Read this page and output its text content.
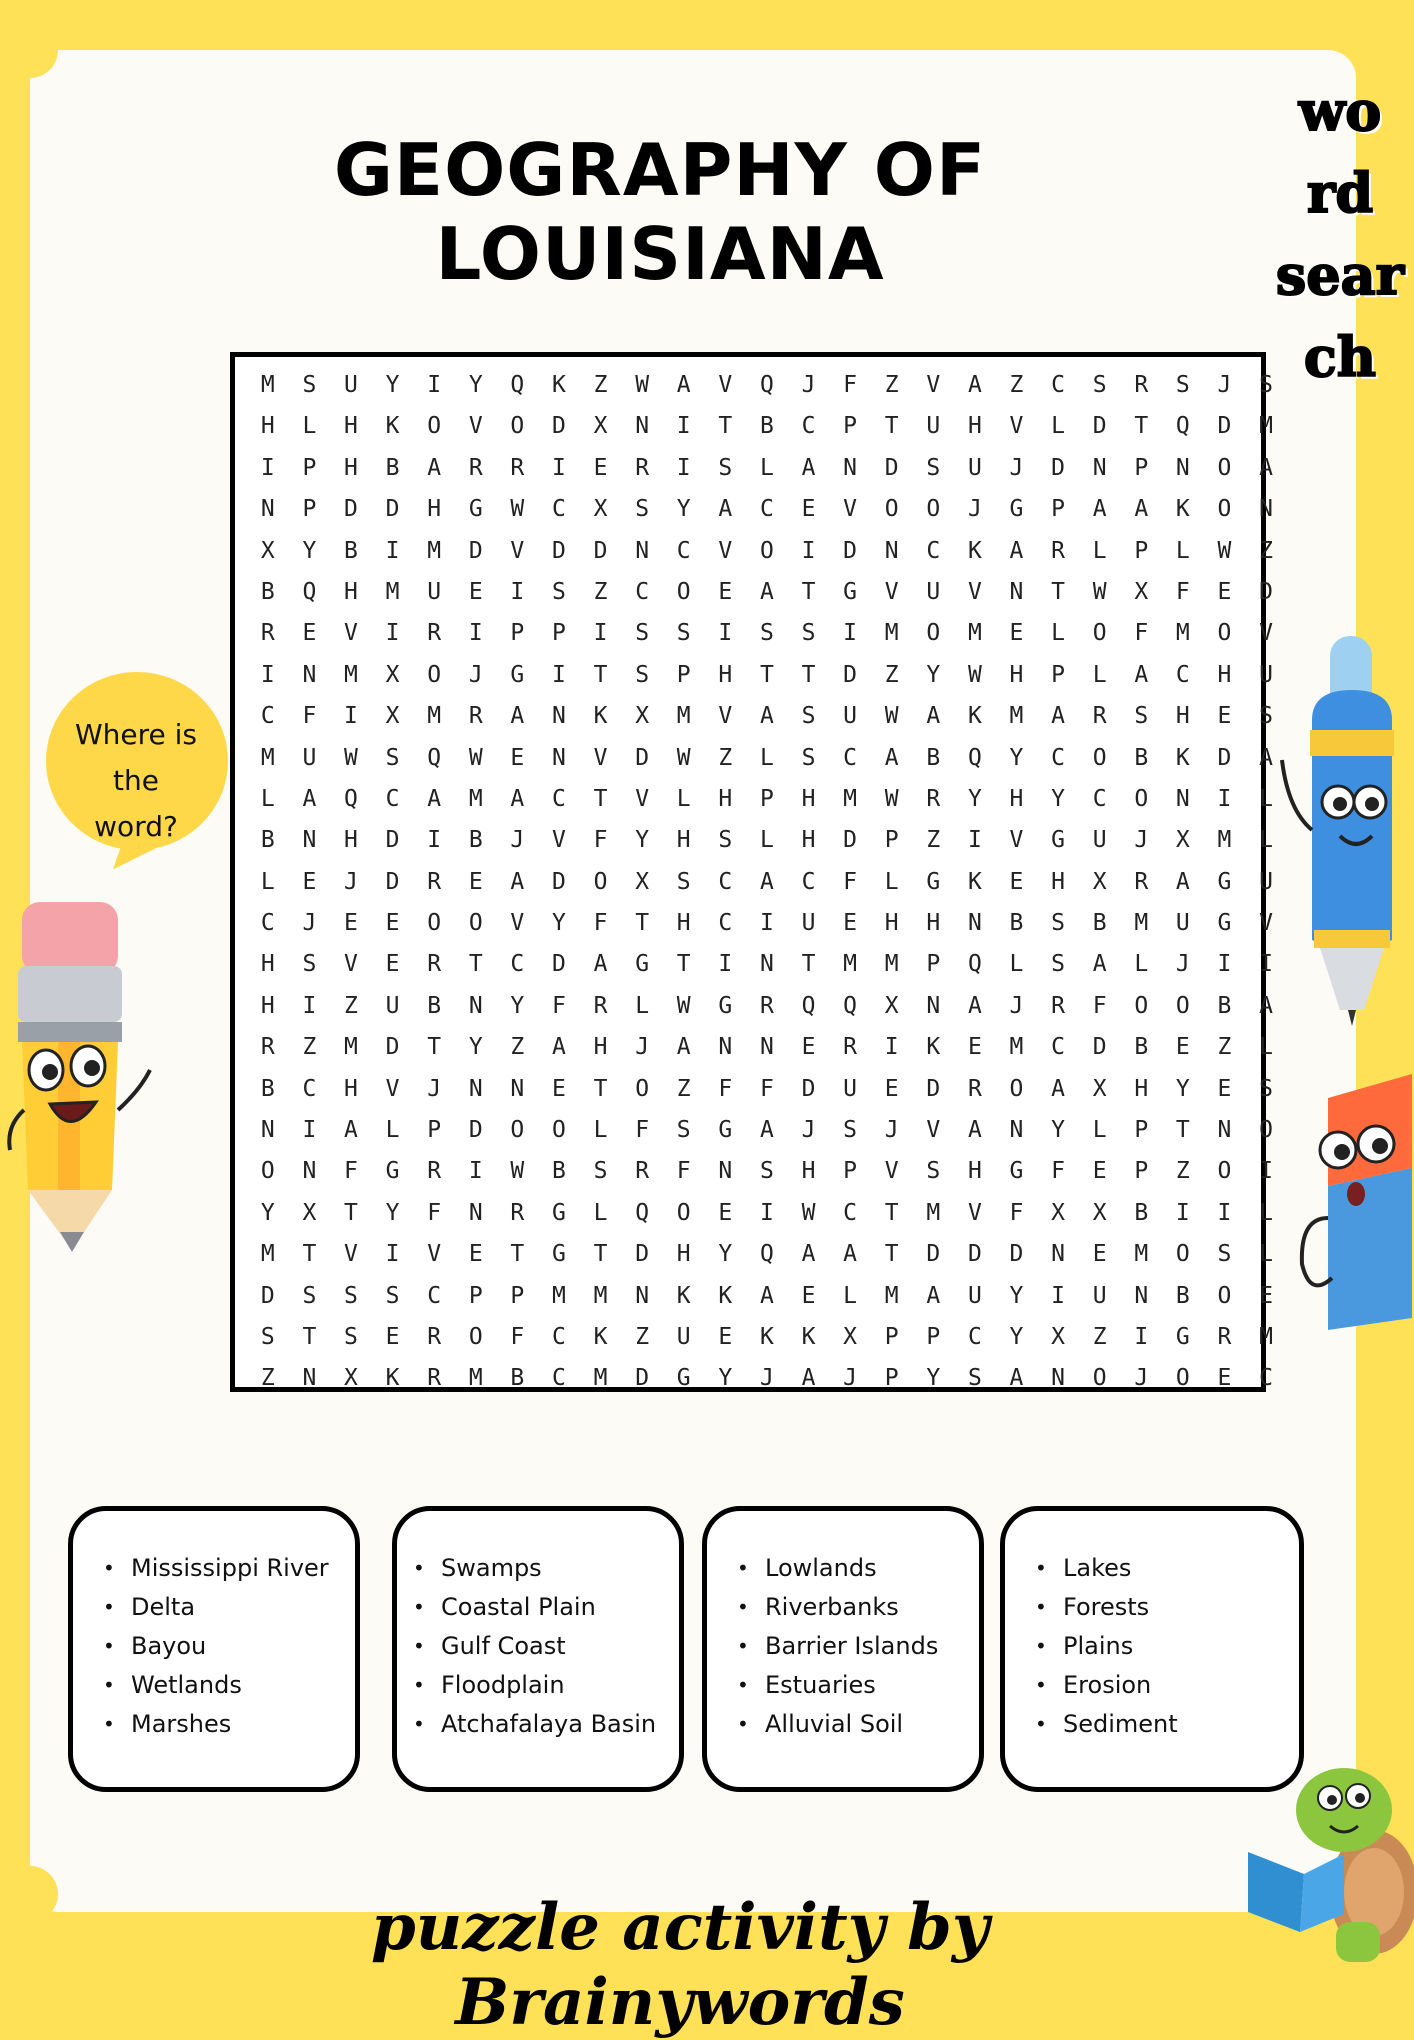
GEOGRAPHY OF LOUISIANA
wo
rd
sear
ch
Where is
the
word?
M	S	U	Y	I	Y	Q	K	Z	W	A	V	Q	J	F	Z	V	A	Z	C	S	R	S	J	S
H	L	H	K	O	V	O	D	X	N	I	T	B	C	P	T	U	H	V	L	D	T	Q	D	M
I	P	H	B	A	R	R	I	E	R	I	S	L	A	N	D	S	U	J	D	N	P	N	O	A
N	P	D	D	H	G	W	C	X	S	Y	A	C	E	V	O	O	J	G	P	A	A	K	O	N
X	Y	B	I	M	D	V	D	D	N	C	V	O	I	D	N	C	K	A	R	L	P	L	W	Z
B	Q	H	M	U	E	I	S	Z	C	O	E	A	T	G	V	U	V	N	T	W	X	F	E	D
R	E	V	I	R	I	P	P	I	S	S	I	S	S	I	M	O	M	E	L	O	F	M	O	V
I	N	M	X	O	J	G	I	T	S	P	H	T	T	D	Z	Y	W	H	P	L	A	C	H	U
C	F	I	X	M	R	A	N	K	X	M	V	A	S	U	W	A	K	M	A	R	S	H	E	S
M	U	W	S	Q	W	E	N	V	D	W	Z	L	S	C	A	B	Q	Y	C	O	B	K	D	A
L	A	Q	C	A	M	A	C	T	V	L	H	P	H	M	W	R	Y	H	Y	C	O	N	I	L
B	N	H	D	I	B	J	V	F	Y	H	S	L	H	D	P	Z	I	V	G	U	J	X	M	L
L	E	J	D	R	E	A	D	O	X	S	C	A	C	F	L	G	K	E	H	X	R	A	G	U
C	J	E	E	O	O	V	Y	F	T	H	C	I	U	E	H	H	N	B	S	B	M	U	G	V
H	S	V	E	R	T	C	D	A	G	T	I	N	T	M	M	P	Q	L	S	A	L	J	I	I
H	I	Z	U	B	N	Y	F	R	L	W	G	R	Q	Q	X	N	A	J	R	F	O	O	B	A
R	Z	M	D	T	Y	Z	A	H	J	A	N	N	E	R	I	K	E	M	C	D	B	E	Z	L
B	C	H	V	J	N	N	E	T	O	Z	F	F	D	U	E	D	R	O	A	X	H	Y	E	S
N	I	A	L	P	D	O	O	L	F	S	G	A	J	S	J	V	A	N	Y	L	P	T	N	O
O	N	F	G	R	I	W	B	S	R	F	N	S	H	P	V	S	H	G	F	E	P	Z	O	I
Y	X	T	Y	F	N	R	G	L	Q	O	E	I	W	C	T	M	V	F	X	X	B	I	I	L
M	T	V	I	V	E	T	G	T	D	H	Y	Q	A	A	T	D	D	D	N	E	M	O	S	L
D	S	S	S	C	P	P	M	M	N	K	K	A	E	L	M	A	U	Y	I	U	N	B	O	E
S	T	S	E	R	O	F	C	K	Z	U	E	K	K	X	P	P	C	Y	X	Z	I	G	R	M
Z	N	X	K	R	M	B	C	M	D	G	Y	J	A	J	P	Y	S	A	N	O	J	O	E	C
• Mississippi River
• Delta
• Bayou
• Wetlands
• Marshes
• Swamps
• Coastal Plain
• Gulf Coast
• Floodplain
• Atchafalaya Basin
• Lowlands
• Riverbanks
• Barrier Islands
• Estuaries
• Alluvial Soil
• Lakes
• Forests
• Plains
• Erosion
• Sediment
puzzle activity by Brainywords
